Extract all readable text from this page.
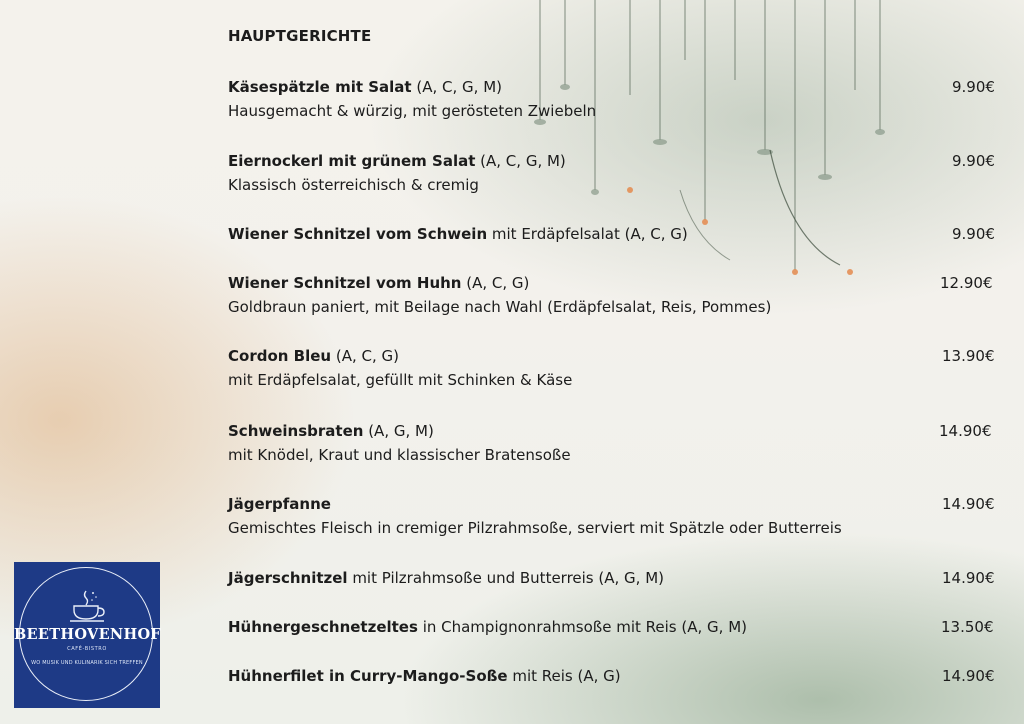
HAUPTGERICHTE
Käsespätzle mit Salat (A, C, G, M)
Hausgemacht & würzig, mit gerösteten Zwiebeln
9.90€
Eiernockerl mit grünem Salat (A, C, G, M)
Klassisch österreichisch & cremig
9.90€
Wiener Schnitzel vom Schwein mit Erdäpfelsalat (A, C, G)	9.90€
Wiener Schnitzel vom Huhn (A, C, G)
Goldbraun paniert, mit Beilage nach Wahl (Erdäpfelsalat, Reis, Pommes)
12.90€
Cordon Bleu (A, C, G)
mit Erdäpfelsalat, gefüllt mit Schinken & Käse
13.90€
Schweinsbraten (A, G, M)
mit Knödel, Kraut und klassischer Bratensoße
14.90€
Jägerpfanne
Gemischtes Fleisch in cremiger Pilzrahmsoße, serviert mit Spätzle oder Butterreis
14.90€
Jägerschnitzel mit Pilzrahmsoße und Butterreis (A, G, M)	14.90€
Hühnergeschnetzeltes in Champignonrahmsoße mit Reis (A, G, M)	13.50€
Hühnerfilet in Curry-Mango-Soße mit Reis (A, G)	14.90€
BEETHOVENHOF
CAFÉ-BISTRO
WO MUSIK UND KULINARIK SICH TREFFEN
